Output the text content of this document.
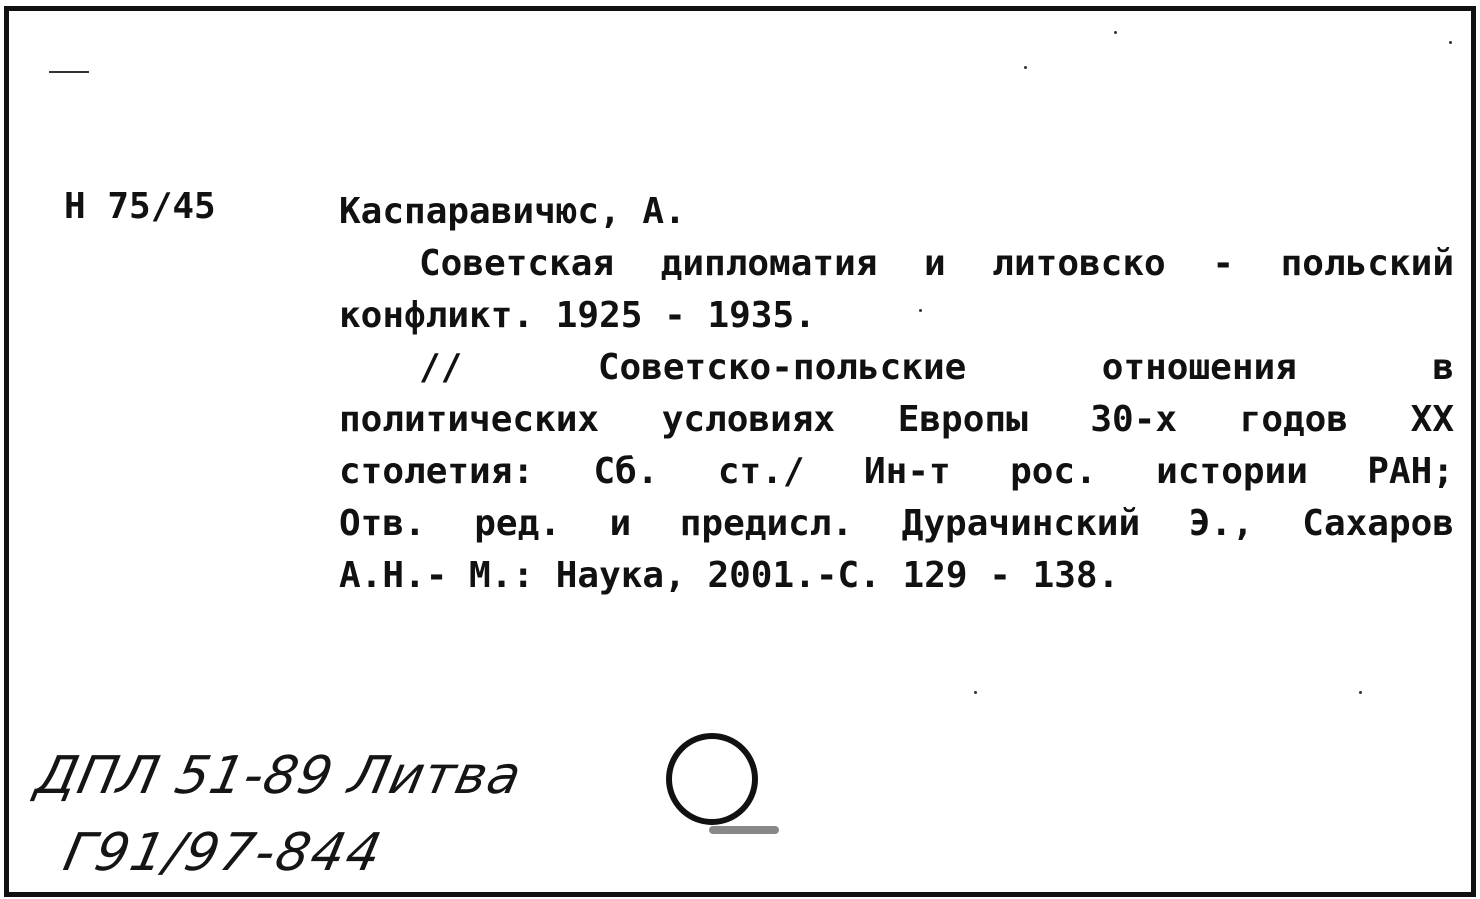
Н 75/45	Каспаравичюс, А.
Советская дипломатия и литовско - польский
конфликт. 1925 - 1935.
// Советско-польские отношения в
политических условиях Европы 30-х годов XX
столетия: Сб. ст./ Ин-т рос. истории РАН;
Отв. ред. и предисл. Дурачинский Э., Сахаров
А.Н.- М.: Наука, 2001.-С. 129 - 138.
ДПЛ 51-89 Литва
Г91/97-844
